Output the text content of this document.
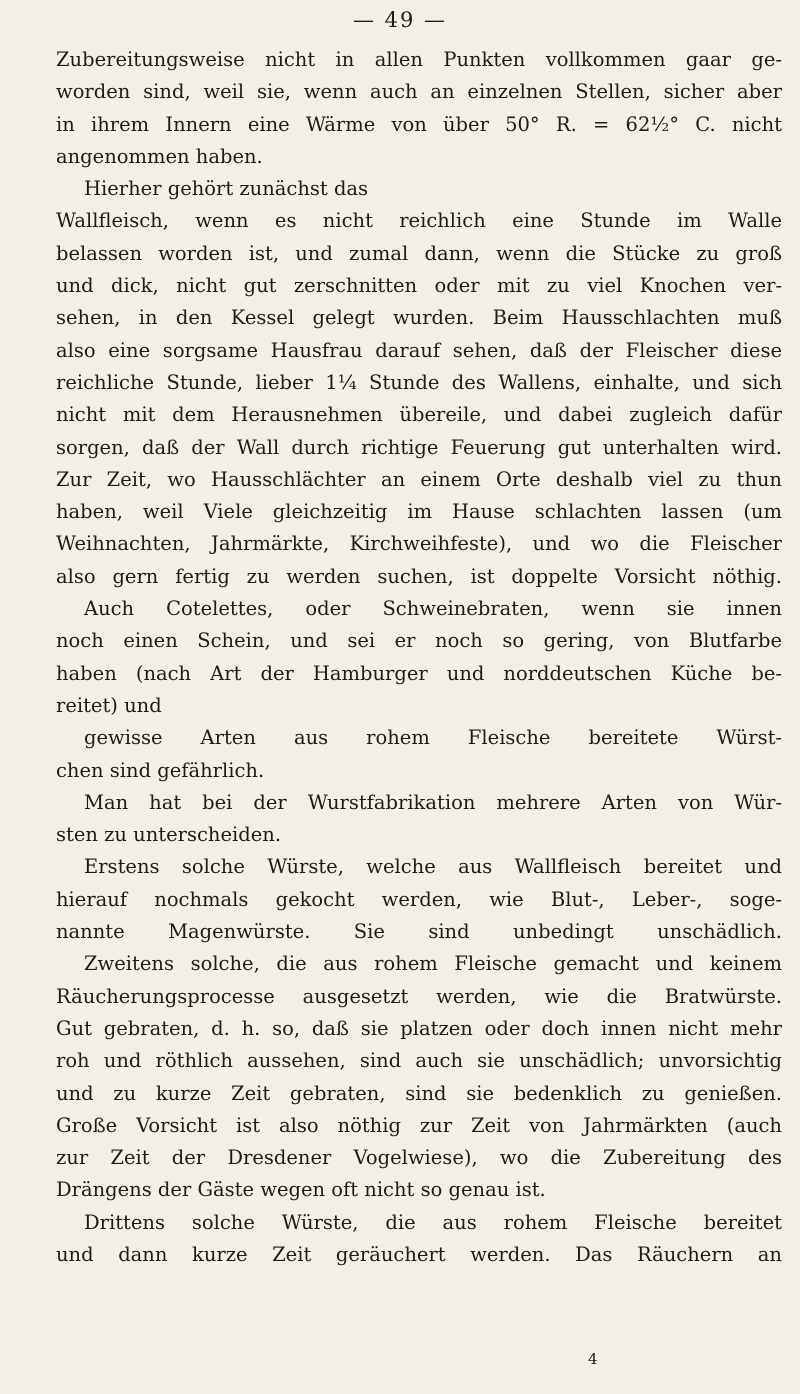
— 49 —
Zubereitungsweise nicht in allen Punkten vollkommen gaar ge-
worden sind, weil sie, wenn auch an einzelnen Stellen, sicher aber
in ihrem Innern eine Wärme von über 50° R. = 62½° C. nicht
angenommen haben.
Hierher gehört zunächst das
Wallfleisch, wenn es nicht reichlich eine Stunde im Walle
belassen worden ist, und zumal dann, wenn die Stücke zu groß
und dick, nicht gut zerschnitten oder mit zu viel Knochen ver-
sehen, in den Kessel gelegt wurden. Beim Hausschlachten muß
also eine sorgsame Hausfrau darauf sehen, daß der Fleischer diese
reichliche Stunde, lieber 1¼ Stunde des Wallens, einhalte, und sich
nicht mit dem Herausnehmen übereile, und dabei zugleich dafür
sorgen, daß der Wall durch richtige Feuerung gut unterhalten wird.
Zur Zeit, wo Hausschlächter an einem Orte deshalb viel zu thun
haben, weil Viele gleichzeitig im Hause schlachten lassen (um
Weihnachten, Jahrmärkte, Kirchweihfeste), und wo die Fleischer
also gern fertig zu werden suchen, ist doppelte Vorsicht nöthig.
Auch Cotelettes, oder Schweinebraten, wenn sie innen
noch einen Schein, und sei er noch so gering, von Blutfarbe
haben (nach Art der Hamburger und norddeutschen Küche be-
reitet) und
gewisse Arten aus rohem Fleische bereitete Würst-
chen sind gefährlich.
Man hat bei der Wurstfabrikation mehrere Arten von Wür-
sten zu unterscheiden.
Erstens solche Würste, welche aus Wallfleisch bereitet und
hierauf nochmals gekocht werden, wie Blut-, Leber-, soge-
nannte Magenwürste. Sie sind unbedingt unschädlich.
Zweitens solche, die aus rohem Fleische gemacht und keinem
Räucherungsprocesse ausgesetzt werden, wie die Bratwürste.
Gut gebraten, d. h. so, daß sie platzen oder doch innen nicht mehr
roh und röthlich aussehen, sind auch sie unschädlich; unvorsichtig
und zu kurze Zeit gebraten, sind sie bedenklich zu genießen.
Große Vorsicht ist also nöthig zur Zeit von Jahrmärkten (auch
zur Zeit der Dresdener Vogelwiese), wo die Zubereitung des
Drängens der Gäste wegen oft nicht so genau ist.
Drittens solche Würste, die aus rohem Fleische bereitet
und dann kurze Zeit geräuchert werden. Das Räuchern an
4
